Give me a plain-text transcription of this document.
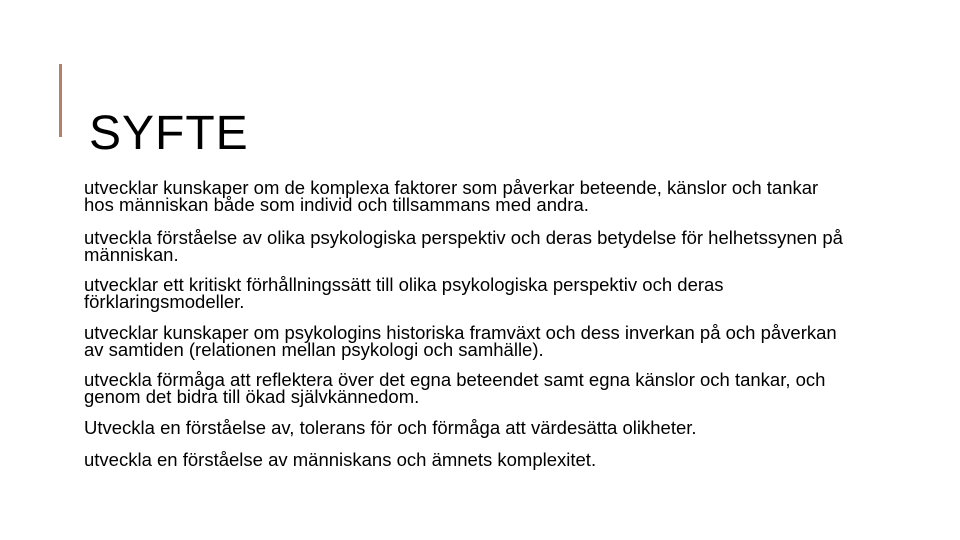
SYFTE
utvecklar kunskaper om de komplexa faktorer som påverkar beteende, känslor och tankar hos människan både som individ och tillsammans med andra.
utveckla förståelse av olika psykologiska perspektiv och deras betydelse för helhetssynen på människan.
utvecklar ett kritiskt förhållningssätt till olika psykologiska perspektiv och deras förklaringsmodeller.
utvecklar kunskaper om psykologins historiska framväxt och dess inverkan på och påverkan av samtiden (relationen mellan psykologi och samhälle).
utveckla förmåga att reflektera över det egna beteendet samt egna känslor och tankar, och genom det bidra till ökad självkännedom.
Utveckla en förståelse av, tolerans för och förmåga att värdesätta olikheter.
utveckla en förståelse av människans och ämnets komplexitet.
